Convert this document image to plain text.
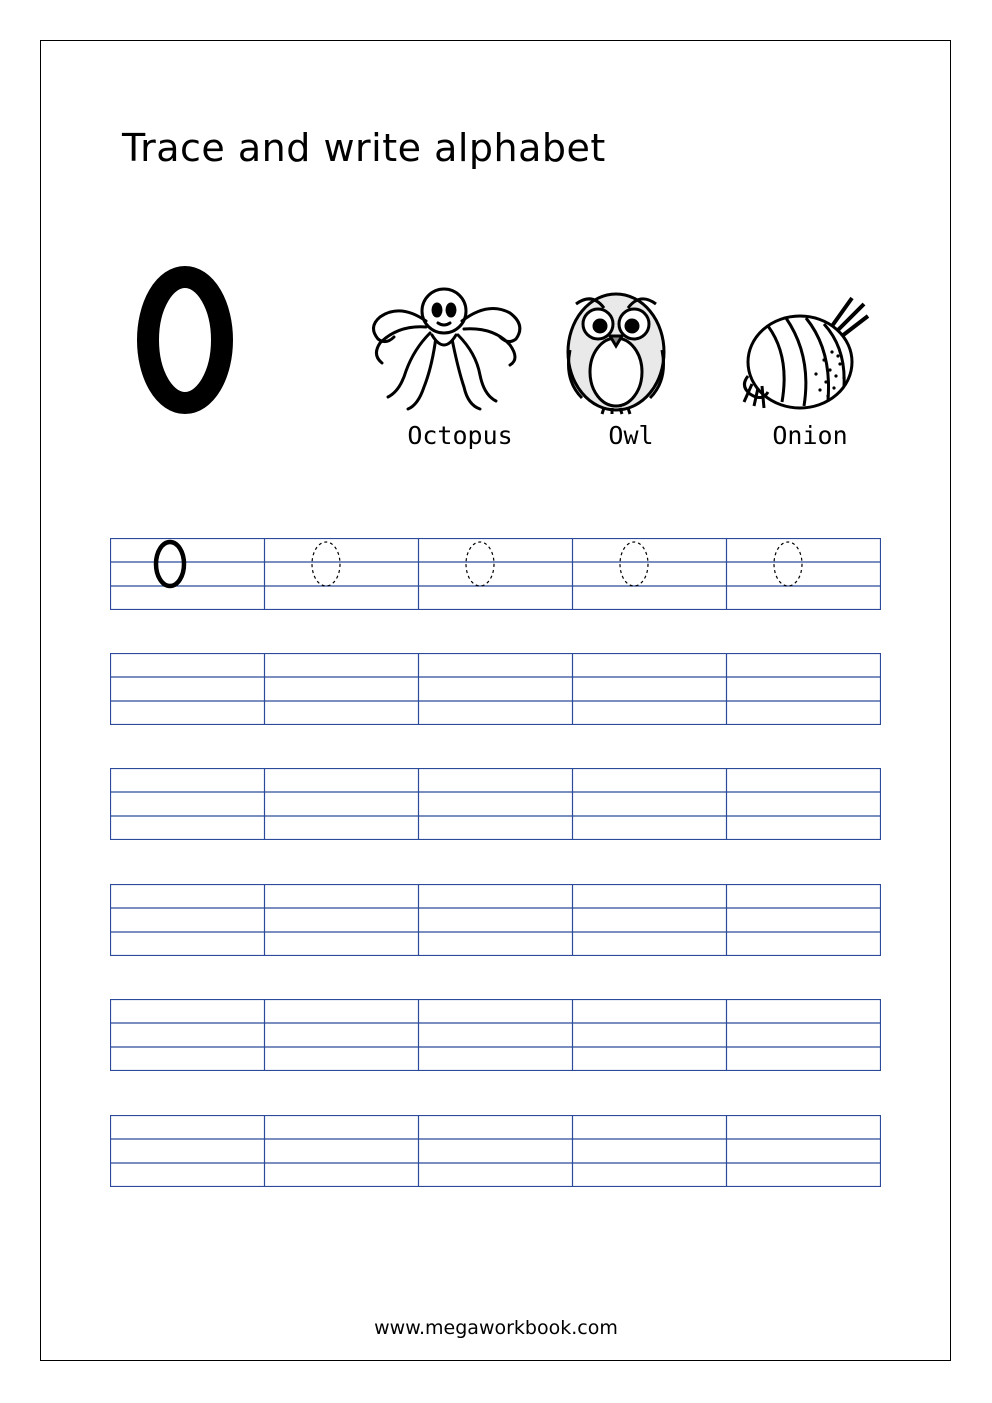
Trace and write alphabet
Octopus	Owl	Onion
www.megaworkbook.com
